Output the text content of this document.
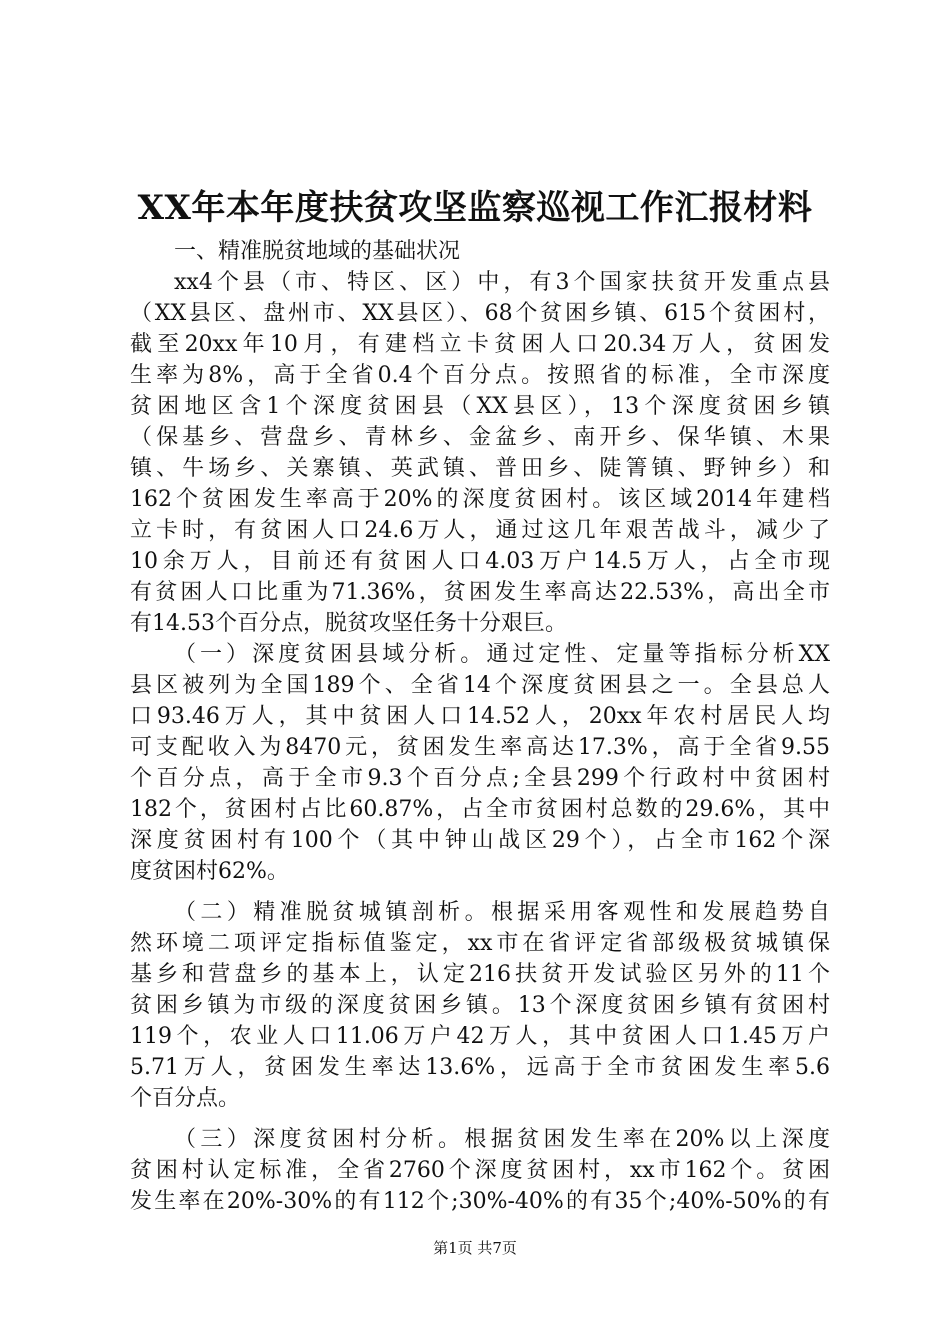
XX年本年度扶贫攻坚监察巡视工作汇报材料
一、精准脱贫地域的基础状况
xx4个县（市、特区、区）中，有3个国家扶贫开发重点县
（XX县区、盘州市、XX县区）、68个贫困乡镇、615个贫困村，
截至20xx年10月，有建档立卡贫困人口20.34万人，贫困发
生率为8%，高于全省0.4个百分点。按照省的标准，全市深度
贫困地区含1个深度贫困县（XX县区），13个深度贫困乡镇
（保基乡、营盘乡、青林乡、金盆乡、南开乡、保华镇、木果
镇、牛场乡、关寨镇、英武镇、普田乡、陡箐镇、野钟乡）和
162个贫困发生率高于20%的深度贫困村。该区域2014年建档
立卡时，有贫困人口24.6万人，通过这几年艰苦战斗，减少了
10余万人，目前还有贫困人口4.03万户14.5万人，占全市现
有贫困人口比重为71.36%，贫困发生率高达22.53%，高出全市
有14.53个百分点，脱贫攻坚任务十分艰巨。
（一）深度贫困县域分析。通过定性、定量等指标分析XX
县区被列为全国189个、全省14个深度贫困县之一。全县总人
口93.46万人，其中贫困人口14.52人，20xx年农村居民人均
可支配收入为8470元，贫困发生率高达17.3%，高于全省9.55
个百分点，高于全市9.3个百分点;全县299个行政村中贫困村
182个，贫困村占比60.87%，占全市贫困村总数的29.6%，其中
深度贫困村有100个（其中钟山战区29个），占全市162个深
度贫困村62%。
（二）精准脱贫城镇剖析。根据采用客观性和发展趋势自
然环境二项评定指标值鉴定，xx市在省评定省部级极贫城镇保
基乡和营盘乡的基本上，认定216扶贫开发试验区另外的11个
贫困乡镇为市级的深度贫困乡镇。13个深度贫困乡镇有贫困村
119个，农业人口11.06万户42万人，其中贫困人口1.45万户
5.71万人，贫困发生率达13.6%，远高于全市贫困发生率5.6
个百分点。
（三）深度贫困村分析。根据贫困发生率在20%以上深度
贫困村认定标准，全省2760个深度贫困村，xx市162个。贫困
发生率在20%-30%的有112个;30%-40%的有35个;40%-50%的有
第1页 共7页
